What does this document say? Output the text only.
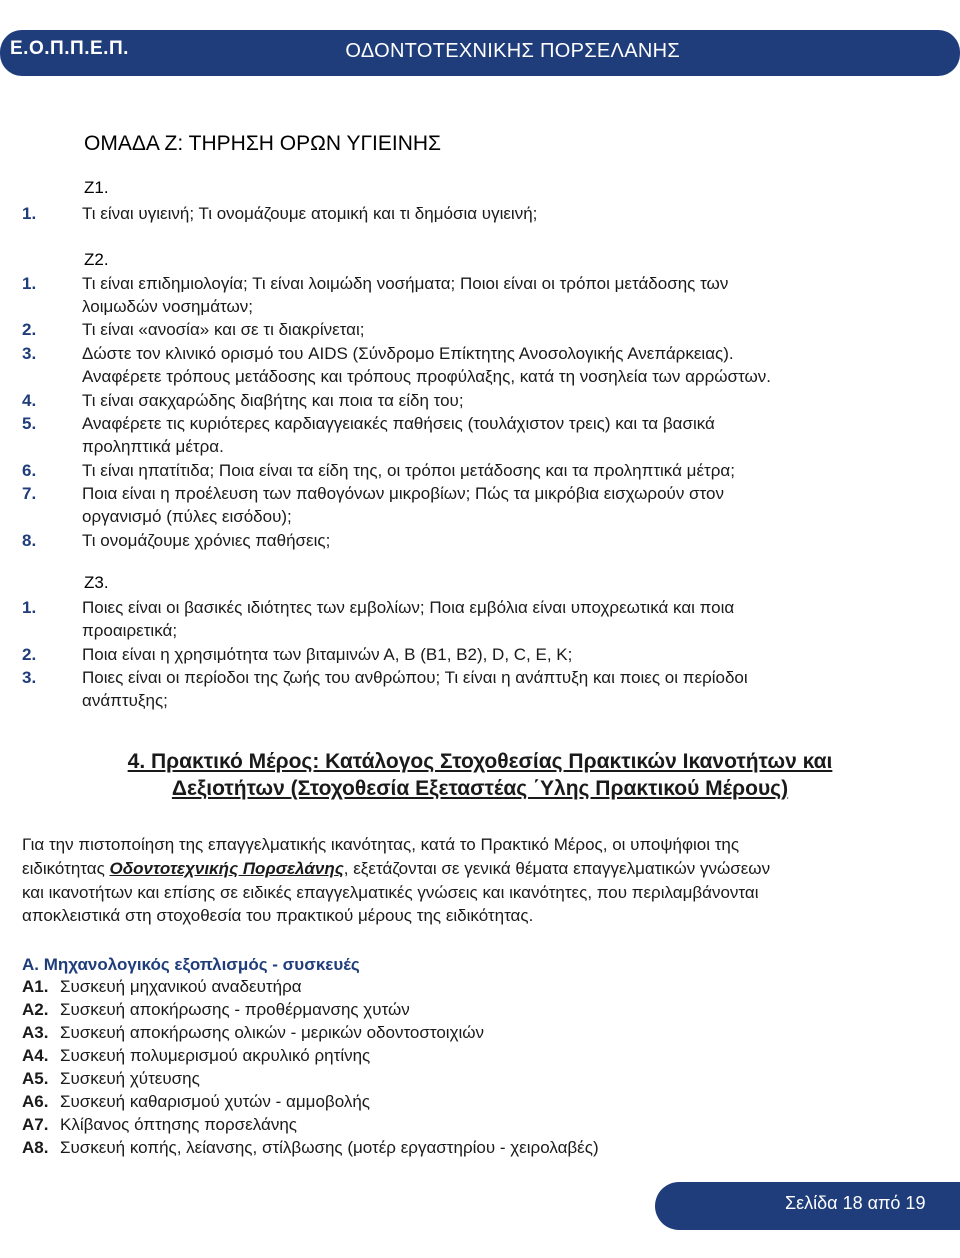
Ε.Ο.Π.Π.Ε.Π.	ΟΔΟΝΤΟΤΕΧΝΙΚΗΣ ΠΟΡΣΕΛΑΝΗΣ
ΟΜΑΔΑ Ζ: ΤΗΡΗΣΗ ΟΡΩΝ ΥΓΙΕΙΝΗΣ
Ζ1.
1.	Τι είναι υγιεινή; Τι ονομάζουμε ατομική και τι δημόσια υγιεινή;
Ζ2.
1.	Τι είναι επιδημιολογία; Τι είναι λοιμώδη νοσήματα; Ποιοι είναι οι τρόποι μετάδοσης των
λοιμωδών νοσημάτων;
2.	Τι είναι «ανοσία» και σε τι διακρίνεται;
3.	Δώστε τον κλινικό ορισμό του AIDS (Σύνδρομο Επίκτητης Ανοσολογικής Ανεπάρκειας).
Αναφέρετε τρόπους μετάδοσης και τρόπους προφύλαξης, κατά τη νοσηλεία των αρρώστων.
4.	Τι είναι σακχαρώδης διαβήτης και ποια τα είδη του;
5.	Αναφέρετε τις κυριότερες καρδιαγγειακές παθήσεις (τουλάχιστον τρεις) και τα βασικά
προληπτικά μέτρα.
6.	Τι είναι ηπατίτιδα; Ποια είναι τα είδη της, οι τρόποι μετάδοσης και τα προληπτικά μέτρα;
7.	Ποια είναι η προέλευση των παθογόνων μικροβίων; Πώς τα μικρόβια εισχωρούν στον
οργανισμό (πύλες εισόδου);
8.	Τι ονομάζουμε χρόνιες παθήσεις;
Ζ3.
1.	Ποιες είναι οι βασικές ιδιότητες των εμβολίων; Ποια εμβόλια είναι υποχρεωτικά και ποια
προαιρετικά;
2.	Ποια είναι η χρησιμότητα των βιταμινών Α, Β (Β1, Β2), D, C, E, K;
3.	Ποιες είναι οι περίοδοι της ζωής του ανθρώπου; Τι είναι η ανάπτυξη και ποιες οι περίοδοι
ανάπτυξης;
4. Πρακτικό Μέρος: Κατάλογος Στοχοθεσίας Πρακτικών Ικανοτήτων και
Δεξιοτήτων (Στοχοθεσία Εξεταστέας ΄Υλης Πρακτικού Μέρους)
Για την πιστοποίηση της επαγγελματικής ικανότητας, κατά το Πρακτικό Μέρος, οι υποψήφιοι της
ειδικότητας Οδοντοτεχνικής Πορσελάνης, εξετάζονται σε γενικά θέματα επαγγελματικών γνώσεων
και ικανοτήτων και επίσης σε ειδικές επαγγελματικές γνώσεις και ικανότητες, που περιλαμβάνονται
αποκλειστικά στη στοχοθεσία του πρακτικού μέρους της ειδικότητας.
Α. Μηχανολογικός εξοπλισμός - συσκευές
Α1. Συσκευή μηχανικού αναδευτήρα
Α2. Συσκευή αποκήρωσης - προθέρμανσης χυτών
Α3. Συσκευή αποκήρωσης ολικών - μερικών οδοντοστοιχιών
Α4. Συσκευή πολυμερισμού ακρυλικό ρητίνης
Α5. Συσκευή χύτευσης
Α6. Συσκευή καθαρισμού χυτών - αμμοβολής
Α7. Κλίβανος όπτησης πορσελάνης
Α8. Συσκευή κοπής, λείανσης, στίλβωσης (μοτέρ εργαστηρίου - χειρολαβές)
Σελίδα 18 από 19
